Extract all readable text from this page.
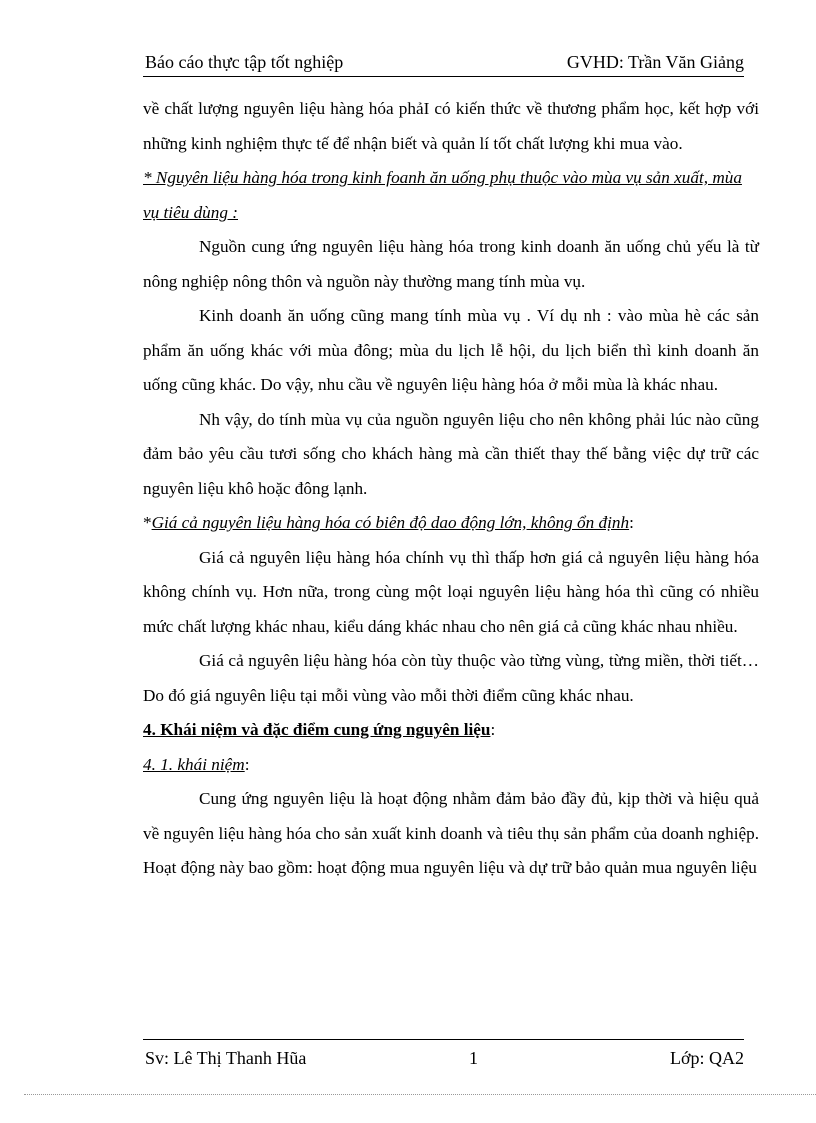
Báo cáo thực tập tốt nghiệp	GVHD: Trần Văn Giảng

về chất lượng nguyên liệu hàng hóa phảI có kiến thức về thương phẩm học, kết hợp với những kinh nghiệm thực tế để nhận biết và quản lí tốt chất lượng khi mua vào.

* Nguyên liệu hàng hóa trong kinh foanh ăn uống phụ thuộc vào mùa vụ sản xuất, mùa vụ tiêu dùng :

Nguồn cung ứng nguyên liệu hàng hóa trong kinh doanh ăn uống chủ yếu là từ nông nghiệp nông thôn và nguồn này thường mang tính mùa vụ.

Kinh doanh ăn uống cũng mang tính mùa vụ . Ví dụ nh : vào mùa hè các sản phẩm ăn uống khác với mùa đông; mùa du lịch lễ hội, du lịch biển thì kinh doanh ăn uống cũng khác. Do vậy, nhu cầu về nguyên liệu hàng hóa ở mỗi mùa là khác nhau.

Nh vậy, do tính mùa vụ của nguồn nguyên liệu cho nên không phải lúc nào cũng đảm bảo yêu cầu tươi sống cho khách hàng mà cần thiết thay thế bằng việc dự trữ các nguyên liệu khô hoặc đông lạnh.

*Giá cả nguyên liệu hàng hóa có biên độ dao động lớn, không ổn định:

Giá cả nguyên liệu hàng hóa chính vụ thì thấp hơn giá cả nguyên liệu hàng hóa không chính vụ. Hơn nữa, trong cùng một loại nguyên liệu hàng hóa thì cũng có nhiều mức chất lượng khác nhau, kiểu dáng khác nhau cho nên giá cả cũng khác nhau nhiều.

Giá cả nguyên liệu hàng hóa còn tùy thuộc vào từng vùng, từng miền, thời tiết…Do đó giá nguyên liệu tại mỗi vùng vào mỗi thời điểm cũng khác nhau.

4. Khái niệm và đặc điểm cung ứng nguyên liệu:

4. 1. khái niệm:

Cung ứng nguyên liệu là hoạt động nhằm đảm bảo đầy đủ, kịp thời và hiệu quả về nguyên liệu hàng hóa cho sản xuất kinh doanh và tiêu thụ sản phẩm của doanh nghiệp. Hoạt động này bao gồm: hoạt động mua nguyên liệu và dự trữ bảo quản mua nguyên liệu

Sv: Lê Thị Thanh Hũa	1	Lớp: QA2
